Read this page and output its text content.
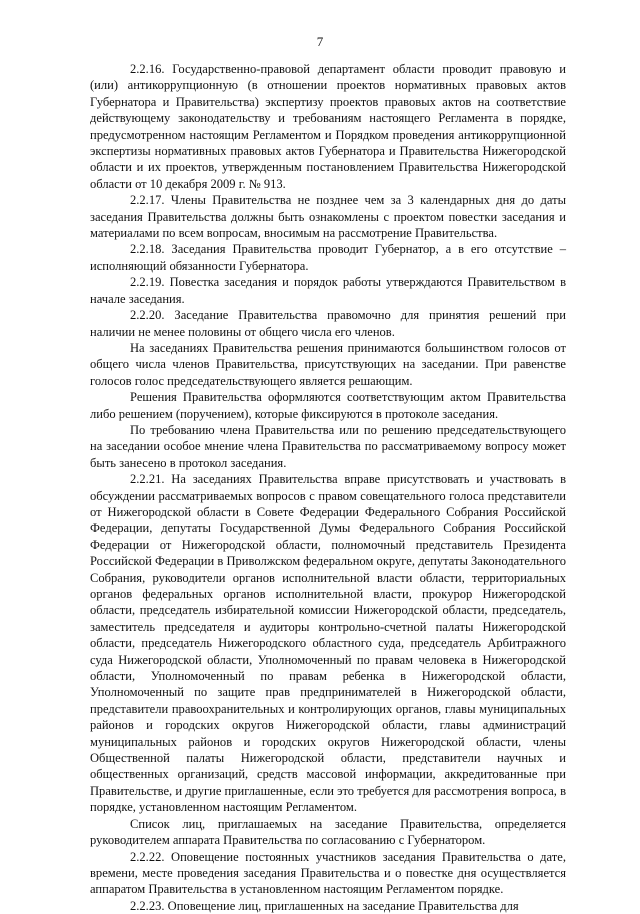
7

2.2.16. Государственно-правовой департамент области проводит правовую и (или) антикоррупционную (в отношении проектов нормативных правовых актов Губернатора и Правительства) экспертизу проектов правовых актов на соответствие действующему законодательству и требованиям настоящего Регламента в порядке, предусмотренном настоящим Регламентом и Порядком проведения антикоррупционной экспертизы нормативных правовых актов Губернатора и Правительства Нижегородской области и их проектов, утвержденным постановлением Правительства Нижегородской области от 10 декабря 2009 г. № 913.

2.2.17. Члены Правительства не позднее чем за 3 календарных дня до даты заседания Правительства должны быть ознакомлены с проектом повестки заседания и материалами по всем вопросам, вносимым на рассмотрение Правительства.

2.2.18. Заседания Правительства проводит Губернатор, а в его отсутствие – исполняющий обязанности Губернатора.

2.2.19. Повестка заседания и порядок работы утверждаются Правительством в начале заседания.

2.2.20. Заседание Правительства правомочно для принятия решений при наличии не менее половины от общего числа его членов.

На заседаниях Правительства решения принимаются большинством голосов от общего числа членов Правительства, присутствующих на заседании. При равенстве голосов голос председательствующего является решающим.

Решения Правительства оформляются соответствующим актом Правительства либо решением (поручением), которые фиксируются в протоколе заседания.

По требованию члена Правительства или по решению председательствующего на заседании особое мнение члена Правительства по рассматриваемому вопросу может быть занесено в протокол заседания.

2.2.21. На заседаниях Правительства вправе присутствовать и участвовать в обсуждении рассматриваемых вопросов с правом совещательного голоса представители от Нижегородской области в Совете Федерации Федерального Собрания Российской Федерации, депутаты Государственной Думы Федерального Собрания Российской Федерации от Нижегородской области, полномочный представитель Президента Российской Федерации в Приволжском федеральном округе, депутаты Законодательного Собрания, руководители органов исполнительной власти области, территориальных органов федеральных органов исполнительной власти, прокурор Нижегородской области, председатель избирательной комиссии Нижегородской области, председатель, заместитель председателя и аудиторы контрольно-счетной палаты Нижегородской области, председатель Нижегородского областного суда, председатель Арбитражного суда Нижегородской области, Уполномоченный по правам человека в Нижегородской области, Уполномоченный по правам ребенка в Нижегородской области, Уполномоченный по защите прав предпринимателей в Нижегородской области, представители правоохранительных и контролирующих органов, главы муниципальных районов и городских округов Нижегородской области, главы администраций муниципальных районов и городских округов Нижегородской области, члены Общественной палаты Нижегородской области, представители научных и общественных организаций, средств массовой информации, аккредитованные при Правительстве, и другие приглашенные, если это требуется для рассмотрения вопроса, в порядке, установленном настоящим Регламентом.

Список лиц, приглашаемых на заседание Правительства, определяется руководителем аппарата Правительства по согласованию с Губернатором.

2.2.22. Оповещение постоянных участников заседания Правительства о дате, времени, месте проведения заседания Правительства и о повестке дня осуществляется аппаратом Правительства в установленном настоящим Регламентом порядке.

2.2.23. Оповещение лиц, приглашенных на заседание Правительства для
